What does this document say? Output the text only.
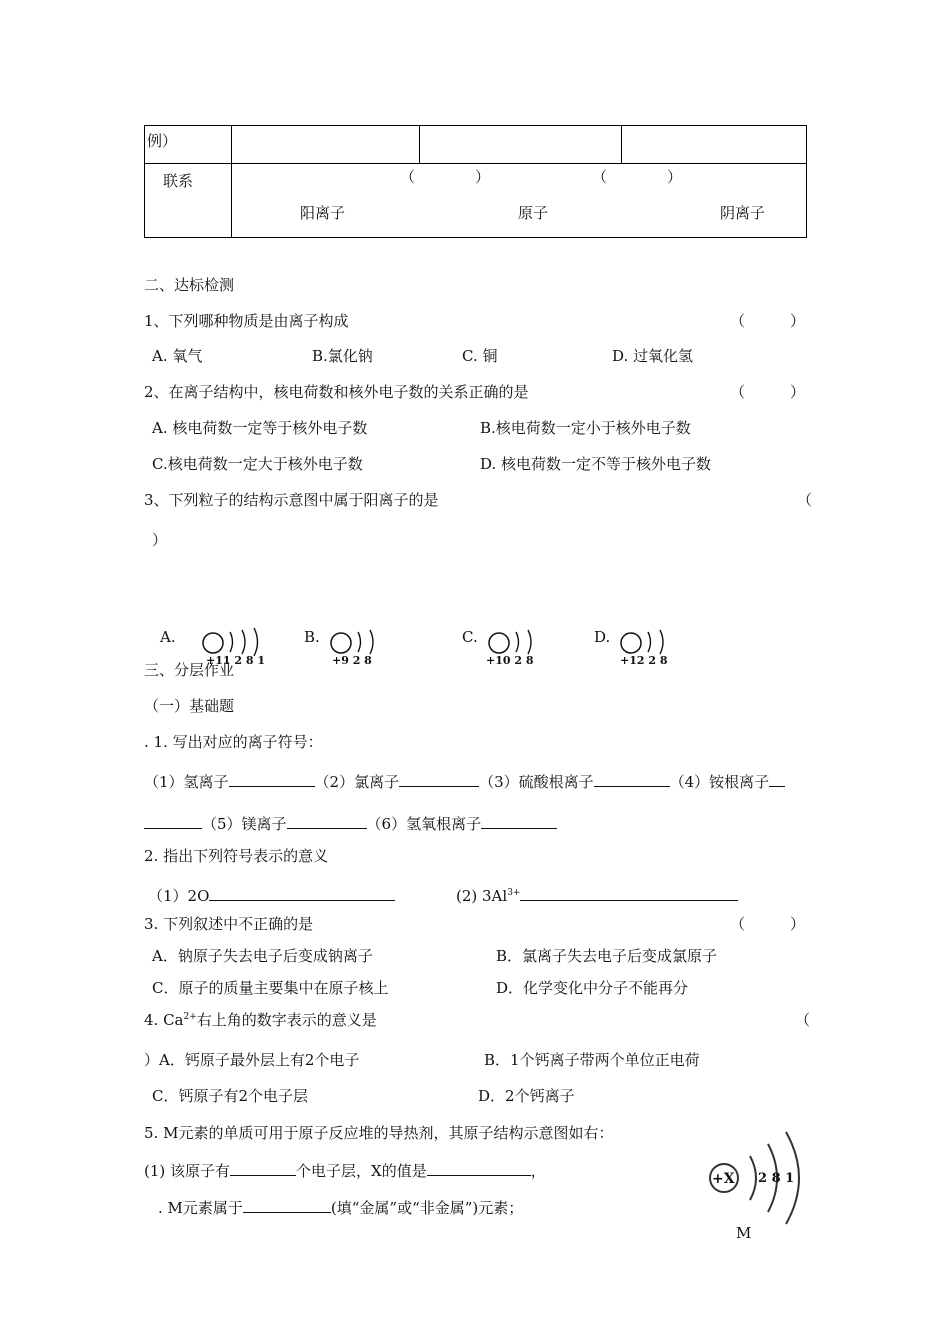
例）			

联系	（　　　　） （　　　　）
阳离子 原子 阴离子		
二、达标检测
1、下列哪种物质是由离子构成	（　　　）
A. 氧气	B.氯化钠	C. 铜	D. 过氧化氢
2、在离子结构中，核电荷数和核外电子数的关系正确的是	（　　　）
A. 核电荷数一定等于核外电子数	B.核电荷数一定小于核外电子数
C.核电荷数一定大于核外电子数	D. 核电荷数一定不等于核外电子数
3、下列粒子的结构示意图中属于阳离子的是	（
）
A.
+11 2 8 1
B.
+9 2 8
C.
+10 2 8
D.
+12 2 8
三、分层作业
（一）基础题
. 1. 写出对应的离子符号：
（1）氢离子	（2）氯离子	（3）硫酸根离子	（4）铵根离子
（5）镁离子	（6）氢氧根离子
2. 指出下列符号表示的意义
（1）2O	(2) $3Al^{3+}$
3. 下列叙述中不正确的是	（　　　）
A．钠原子失去电子后变成钠离子	B．氯离子失去电子后变成氯原子
C．原子的质量主要集中在原子核上	D．化学变化中分子不能再分
4. $Ca^{2+}$右上角的数字表示的意义是	（
）A．钙原子最外层上有2个电子	B．1个钙离子带两个单位正电荷
C．钙原子有2个电子层	D．2个钙离子
5. M元素的单质可用于原子反应堆的导热剂，其原子结构示意图如右：
(1) 该原子有	个电子层，X的值是	，
. M元素属于	(填“金属”或“非金属”)元素；
+X 2 8 1
M
